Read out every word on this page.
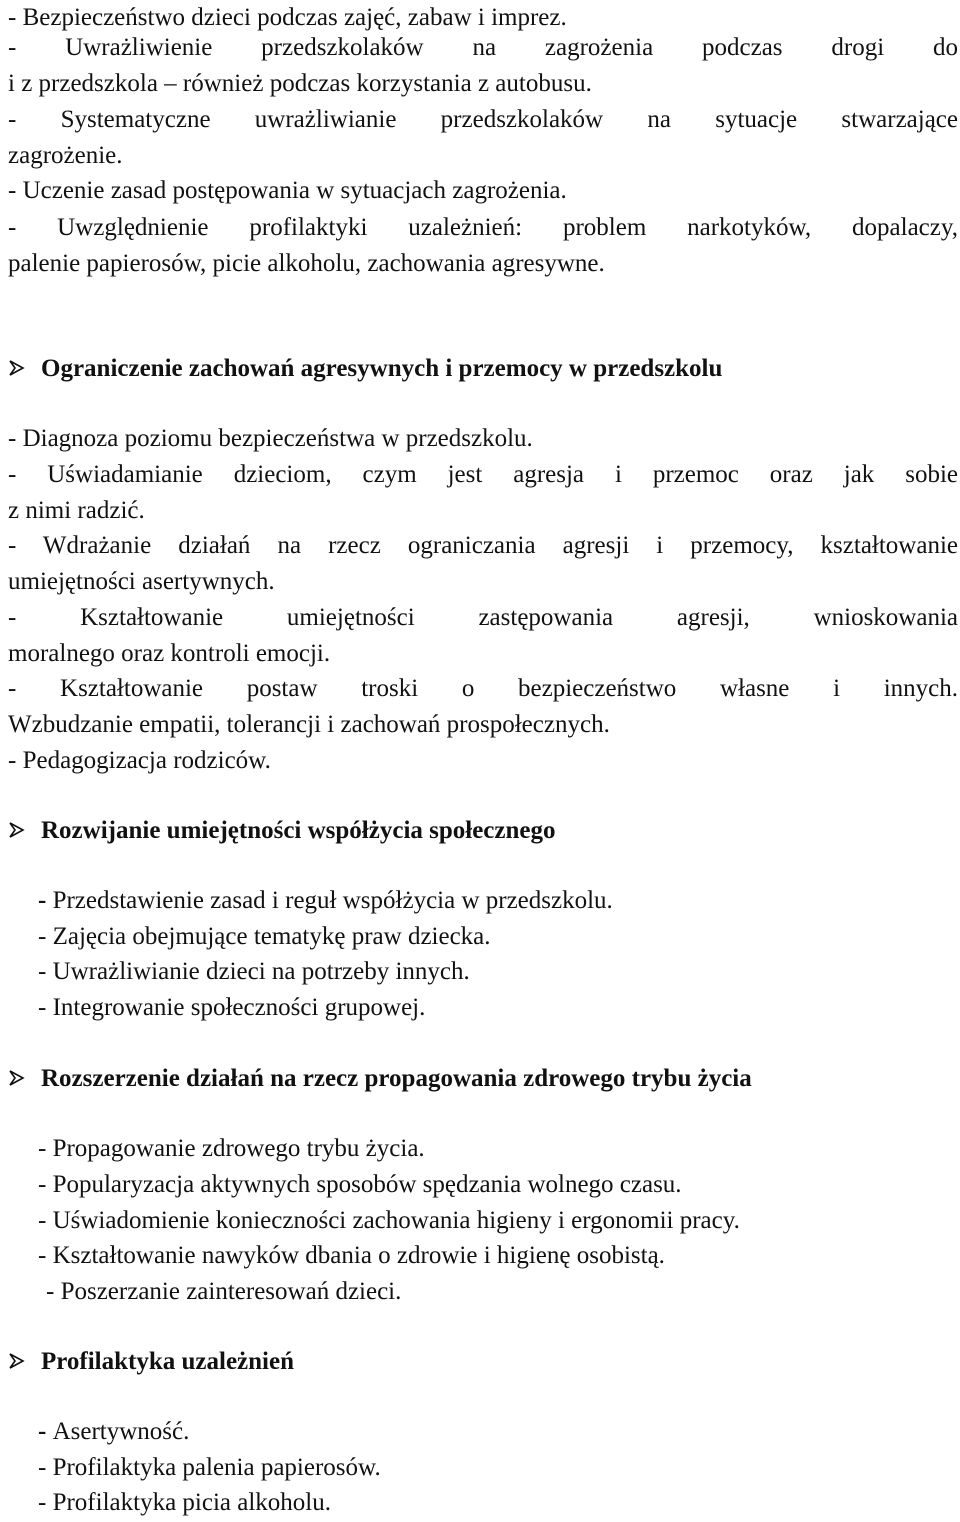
- Bezpieczeństwo dzieci podczas zajęć, zabaw i imprez.
- Uwrażliwienie przedszkolaków na zagrożenia podczas drogi do
i z przedszkola – również podczas korzystania z autobusu.
- Systematyczne uwrażliwianie przedszkolaków na sytuacje stwarzające
zagrożenie.
- Uczenie zasad postępowania w sytuacjach zagrożenia.
- Uwzględnienie profilaktyki uzależnień: problem narkotyków, dopalaczy,
palenie papierosów, picie alkoholu, zachowania agresywne.
Ograniczenie zachowań agresywnych i przemocy w przedszkolu
- Diagnoza poziomu bezpieczeństwa w przedszkolu.
- Uświadamianie dzieciom, czym jest agresja i przemoc oraz jak sobie
z nimi radzić.
- Wdrażanie działań na rzecz ograniczania agresji i przemocy, kształtowanie
umiejętności asertywnych.
- Kształtowanie umiejętności zastępowania agresji, wnioskowania
moralnego oraz kontroli emocji.
- Kształtowanie postaw troski o bezpieczeństwo własne i innych.
Wzbudzanie empatii, tolerancji i zachowań prospołecznych.
- Pedagogizacja rodziców.
Rozwijanie umiejętności współżycia społecznego
- Przedstawienie zasad i reguł współżycia w przedszkolu.
- Zajęcia obejmujące tematykę praw dziecka.
- Uwrażliwianie dzieci na potrzeby innych.
- Integrowanie społeczności grupowej.
Rozszerzenie działań na rzecz propagowania zdrowego trybu życia
- Propagowanie zdrowego trybu życia.
- Popularyzacja aktywnych sposobów spędzania wolnego czasu.
- Uświadomienie konieczności zachowania higieny i ergonomii pracy.
- Kształtowanie nawyków dbania o zdrowie i higienę osobistą.
- Poszerzanie zainteresowań dzieci.
Profilaktyka uzależnień
- Asertywność.
- Profilaktyka palenia papierosów.
- Profilaktyka picia alkoholu.
